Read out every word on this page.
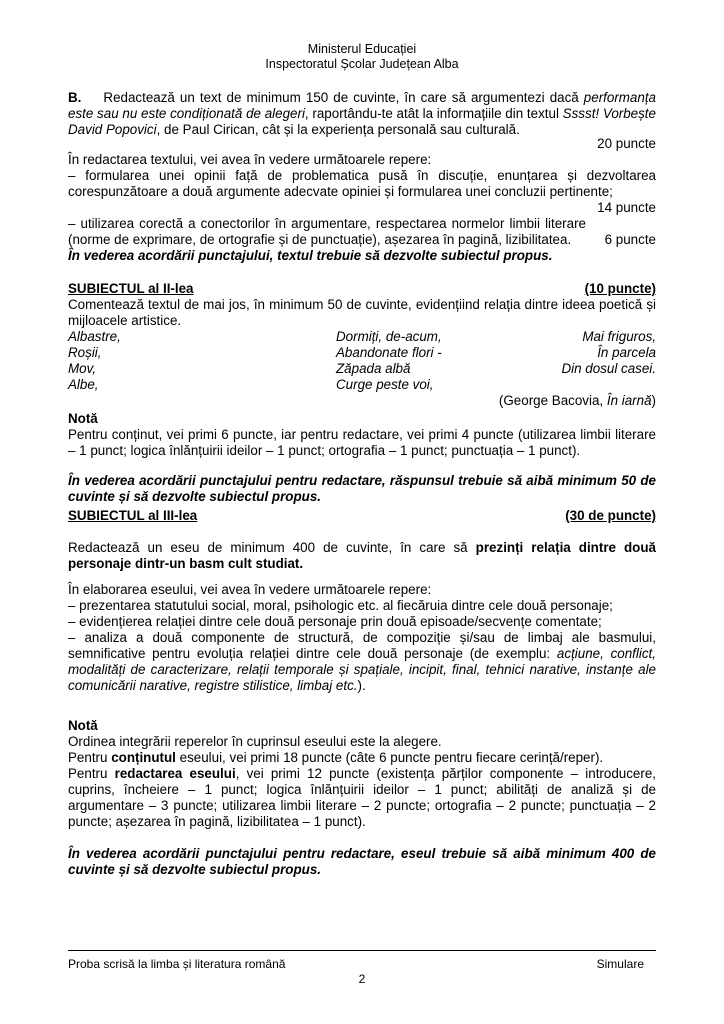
Ministerul Educației
Inspectoratul Școlar Județean Alba
B. Redactează un text de minimum 150 de cuvinte, în care să argumentezi dacă performanța este sau nu este condiționată de alegeri, raportându-te atât la informațiile din textul Sssst! Vorbește David Popovici, de Paul Cirican, cât și la experiența personală sau culturală.
20 puncte
În redactarea textului, vei avea în vedere următoarele repere:
– formularea unei opinii față de problematica pusă în discuție, enunțarea și dezvoltarea corespunzătoare a două argumente adecvate opiniei și formularea unei concluzii pertinente;
14 puncte
– utilizarea corectă a conectorilor în argumentare, respectarea normelor limbii literare (norme de exprimare, de ortografie și de punctuație), așezarea în pagină, lizibilitatea.	6 puncte
În vederea acordării punctajului, textul trebuie să dezvolte subiectul propus.
SUBIECTUL al II-lea	(10 puncte)
Comentează textul de mai jos, în minimum 50 de cuvinte, evidențiind relația dintre ideea poetică și mijloacele artistice.
Albastre,	Dormiți, de-acum,	Mai friguros,
Roșii,	Abandonate flori -	În parcela
Mov,	Zăpada albă	Din dosul casei.
Albe,	Curge peste voi,
(George Bacovia, În iarnă)
Notă
Pentru conținut, vei primi 6 puncte, iar pentru redactare, vei primi 4 puncte (utilizarea limbii literare – 1 punct; logica înlănțuirii ideilor – 1 punct; ortografia – 1 punct; punctuația – 1 punct).
În vederea acordării punctajului pentru redactare, răspunsul trebuie să aibă minimum 50 de cuvinte și să dezvolte subiectul propus.
SUBIECTUL al III-lea	(30 de puncte)
Redactează un eseu de minimum 400 de cuvinte, în care să prezinți relația dintre două personaje dintr-un basm cult studiat.
În elaborarea eseului, vei avea în vedere următoarele repere:
– prezentarea statutului social, moral, psihologic etc. al fiecăruia dintre cele două personaje;
– evidențierea relației dintre cele două personaje prin două episoade/secvențe comentate;
– analiza a două componente de structură, de compoziție și/sau de limbaj ale basmului, semnificative pentru evoluția relației dintre cele două personaje (de exemplu: acțiune, conflict, modalități de caracterizare, relații temporale și spațiale, incipit, final, tehnici narative, instanțe ale comunicării narative, registre stilistice, limbaj etc.).
Notă
Ordinea integrării reperelor în cuprinsul eseului este la alegere.
Pentru conținutul eseului, vei primi 18 puncte (câte 6 puncte pentru fiecare cerință/reper).
Pentru redactarea eseului, vei primi 12 puncte (existența părților componente – introducere, cuprins, încheiere – 1 punct; logica înlănțuirii ideilor – 1 punct; abilități de analiză și de argumentare – 3 puncte; utilizarea limbii literare – 2 puncte; ortografia – 2 puncte; punctuația – 2 puncte; așezarea în pagină, lizibilitatea – 1 punct).
În vederea acordării punctajului pentru redactare, eseul trebuie să aibă minimum 400 de cuvinte și să dezvolte subiectul propus.
Proba scrisă la limba și literatura română	Simulare
2
